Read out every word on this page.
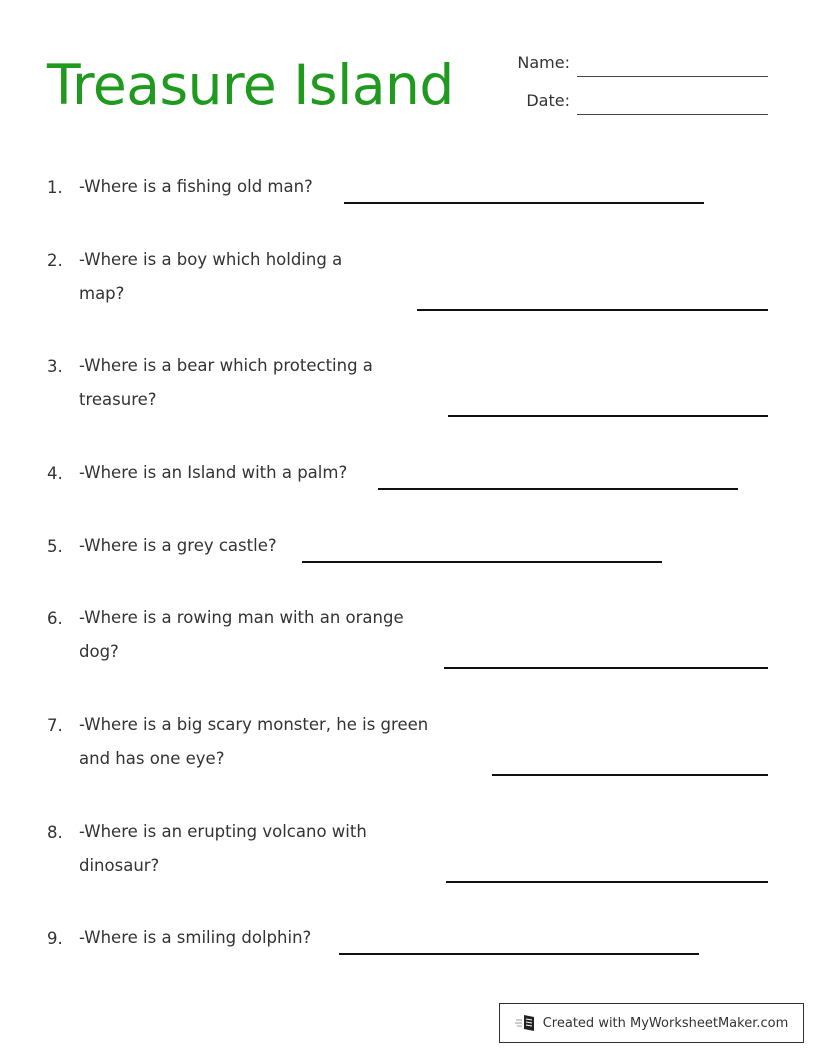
Treasure Island	Name:
Date:
1. -Where is a fishing old man?
2. -Where is a boy which holding a map?
3. -Where is a bear which protecting a treasure?
4. -Where is an Island with a palm?
5. -Where is a grey castle?
6. -Where is a rowing man with an orange dog?
7. -Where is a big scary monster, he is green and has one eye?
8. -Where is an erupting volcano with dinosaur?
9. -Where is a smiling dolphin?
Created with MyWorksheetMaker.com
